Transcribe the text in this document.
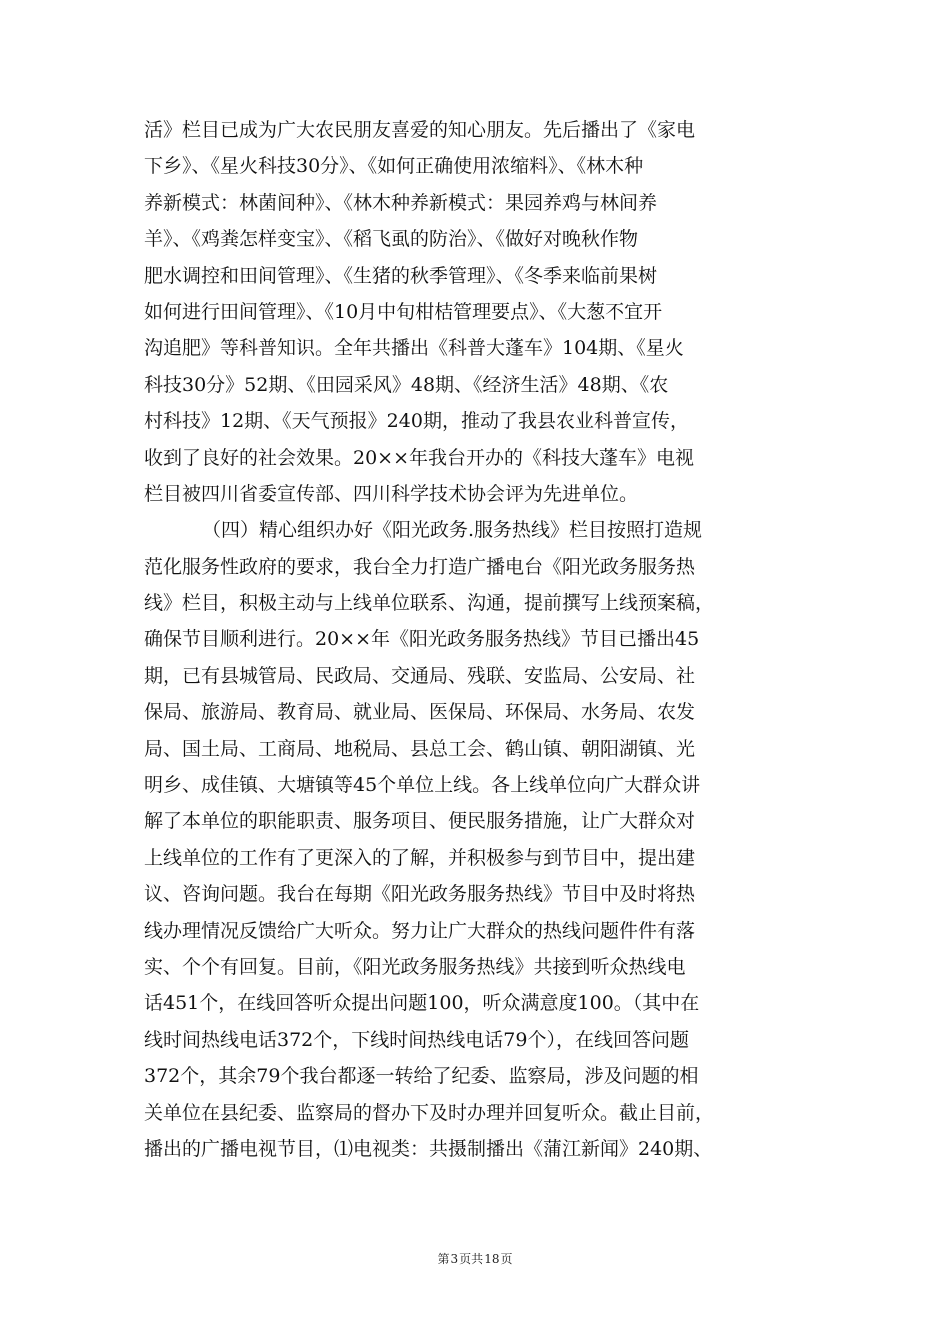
活》栏目已成为广大农民朋友喜爱的知心朋友。先后播出了《家电
下乡》、《星火科技30分》、《如何正确使用浓缩料》、《林木种
养新模式：林菌间种》、《林木种养新模式：果园养鸡与林间养
羊》、《鸡粪怎样变宝》、《稻飞虱的防治》、《做好对晚秋作物
肥水调控和田间管理》、《生猪的秋季管理》、《冬季来临前果树
如何进行田间管理》、《10月中旬柑桔管理要点》、《大葱不宜开
沟追肥》等科普知识。全年共播出《科普大蓬车》104期、《星火
科技30分》52期、《田园采风》48期、《经济生活》48期、《农
村科技》12期、《天气预报》240期，推动了我县农业科普宣传，
收到了良好的社会效果。20××年我台开办的《科技大蓬车》电视
栏目被四川省委宣传部、四川科学技术协会评为先进单位。
（四）精心组织办好《阳光政务.服务热线》栏目按照打造规
范化服务性政府的要求，我台全力打造广播电台《阳光政务服务热
线》栏目，积极主动与上线单位联系、沟通，提前撰写上线预案稿，
确保节目顺利进行。20××年《阳光政务服务热线》节目已播出45
期，已有县城管局、民政局、交通局、残联、安监局、公安局、社
保局、旅游局、教育局、就业局、医保局、环保局、水务局、农发
局、国土局、工商局、地税局、县总工会、鹤山镇、朝阳湖镇、光
明乡、成佳镇、大塘镇等45个单位上线。各上线单位向广大群众讲
解了本单位的职能职责、服务项目、便民服务措施，让广大群众对
上线单位的工作有了更深入的了解，并积极参与到节目中，提出建
议、咨询问题。我台在每期《阳光政务服务热线》节目中及时将热
线办理情况反馈给广大听众。努力让广大群众的热线问题件件有落
实、个个有回复。目前，《阳光政务服务热线》共接到听众热线电
话451个，在线回答听众提出问题100，听众满意度100。（其中在
线时间热线电话372个，下线时间热线电话79个），在线回答问题
372个，其余79个我台都逐一转给了纪委、监察局，涉及问题的相
关单位在县纪委、监察局的督办下及时办理并回复听众。截止目前，
播出的广播电视节目，⑴电视类：共摄制播出《蒲江新闻》240期、
第3页共18页
